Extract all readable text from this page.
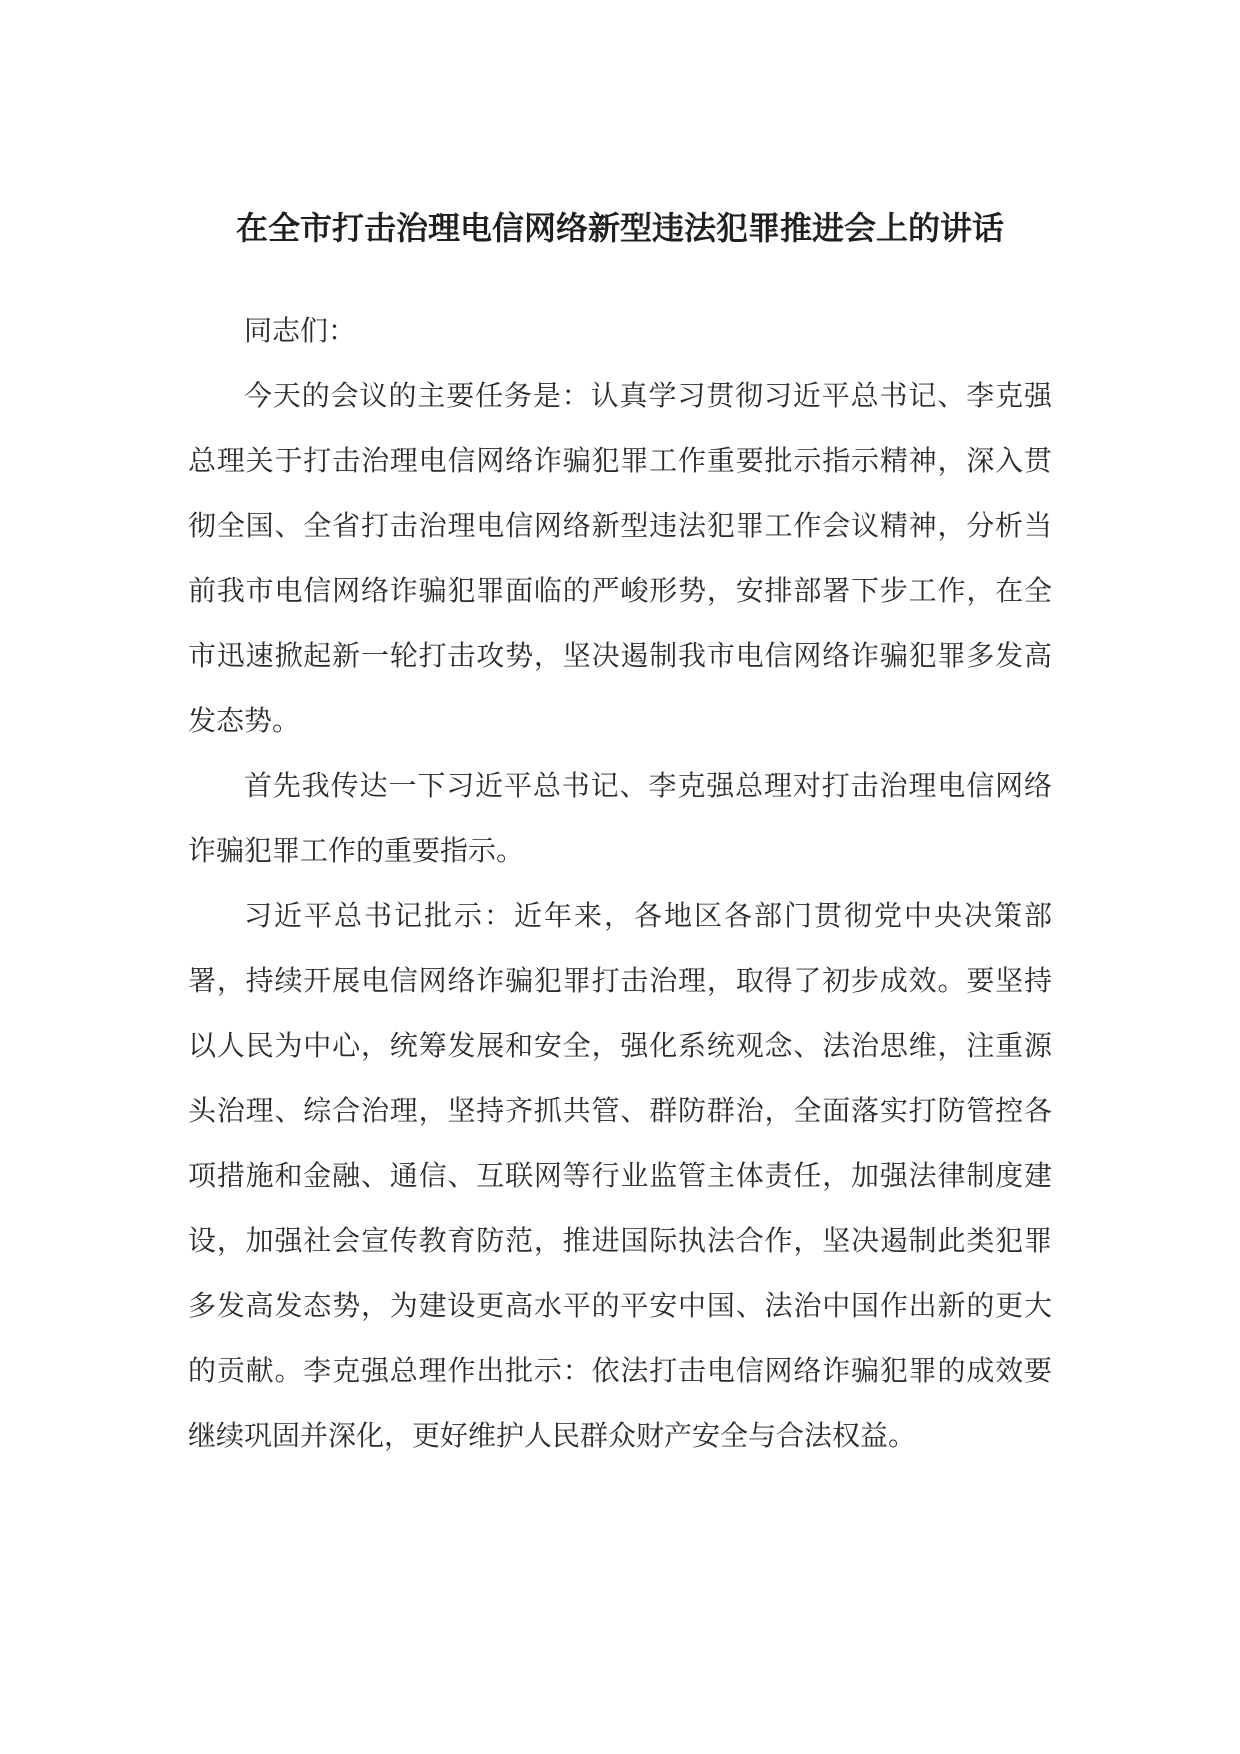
在全市打击治理电信网络新型违法犯罪推进会上的讲话

同志们：

今天的会议的主要任务是：认真学习贯彻习近平总书记、李克强总理关于打击治理电信网络诈骗犯罪工作重要批示指示精神，深入贯彻全国、全省打击治理电信网络新型违法犯罪工作会议精神，分析当前我市电信网络诈骗犯罪面临的严峻形势，安排部署下步工作，在全市迅速掀起新一轮打击攻势，坚决遏制我市电信网络诈骗犯罪多发高发态势。

首先我传达一下习近平总书记、李克强总理对打击治理电信网络诈骗犯罪工作的重要指示。

习近平总书记批示：近年来，各地区各部门贯彻党中央决策部署，持续开展电信网络诈骗犯罪打击治理，取得了初步成效。要坚持以人民为中心，统筹发展和安全，强化系统观念、法治思维，注重源头治理、综合治理，坚持齐抓共管、群防群治，全面落实打防管控各项措施和金融、通信、互联网等行业监管主体责任，加强法律制度建设，加强社会宣传教育防范，推进国际执法合作，坚决遏制此类犯罪多发高发态势，为建设更高水平的平安中国、法治中国作出新的更大的贡献。李克强总理作出批示：依法打击电信网络诈骗犯罪的成效要继续巩固并深化，更好维护人民群众财产安全与合法权益。
